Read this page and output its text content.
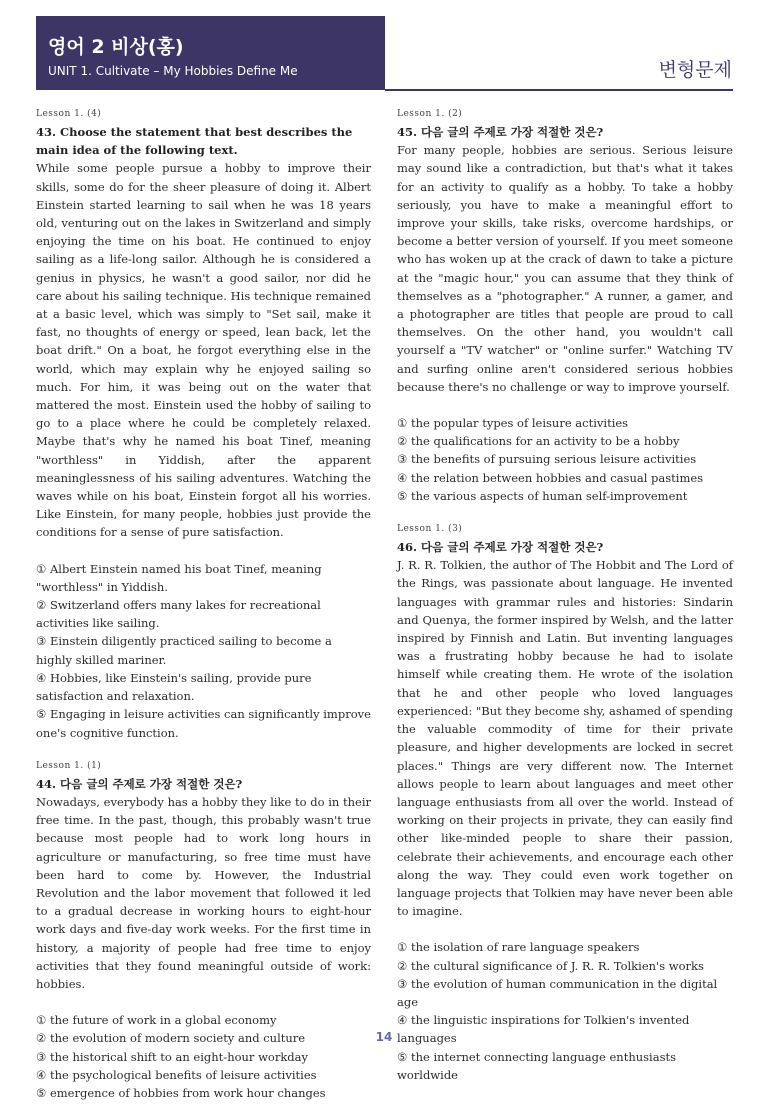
영어 2 비상(홍)
UNIT 1. Cultivate – My Hobbies Define Me	변형문제
Lesson 1. (4)
43. Choose the statement that best describes the main idea of the following text.
While some people pursue a hobby to improve their skills, some do for the sheer pleasure of doing it. Albert Einstein started learning to sail when he was 18 years old, venturing out on the lakes in Switzerland and simply enjoying the time on his boat. He continued to enjoy sailing as a life-long sailor. Although he is considered a genius in physics, he wasn't a good sailor, nor did he care about his sailing technique. His technique remained at a basic level, which was simply to "Set sail, make it fast, no thoughts of energy or speed, lean back, let the boat drift." On a boat, he forgot everything else in the world, which may explain why he enjoyed sailing so much. For him, it was being out on the water that mattered the most. Einstein used the hobby of sailing to go to a place where he could be completely relaxed. Maybe that's why he named his boat Tinef, meaning "worthless" in Yiddish, after the apparent meaninglessness of his sailing adventures. Watching the waves while on his boat, Einstein forgot all his worries. Like Einstein, for many people, hobbies just provide the conditions for a sense of pure satisfaction.
① Albert Einstein named his boat Tinef, meaning "worthless" in Yiddish.
② Switzerland offers many lakes for recreational activities like sailing.
③ Einstein diligently practiced sailing to become a highly skilled mariner.
④ Hobbies, like Einstein's sailing, provide pure satisfaction and relaxation.
⑤ Engaging in leisure activities can significantly improve one's cognitive function.
Lesson 1. (1)
44. 다음 글의 주제로 가장 적절한 것은?
Nowadays, everybody has a hobby they like to do in their free time. In the past, though, this probably wasn't true because most people had to work long hours in agriculture or manufacturing, so free time must have been hard to come by. However, the Industrial Revolution and the labor movement that followed it led to a gradual decrease in working hours to eight-hour work days and five-day work weeks. For the first time in history, a majority of people had free time to enjoy activities that they found meaningful outside of work: hobbies.
① the future of work in a global economy
② the evolution of modern society and culture
③ the historical shift to an eight-hour workday
④ the psychological benefits of leisure activities
⑤ emergence of hobbies from work hour changes
Lesson 1. (2)
45. 다음 글의 주제로 가장 적절한 것은?
For many people, hobbies are serious. Serious leisure may sound like a contradiction, but that's what it takes for an activity to qualify as a hobby. To take a hobby seriously, you have to make a meaningful effort to improve your skills, take risks, overcome hardships, or become a better version of yourself. If you meet someone who has woken up at the crack of dawn to take a picture at the "magic hour," you can assume that they think of themselves as a "photographer." A runner, a gamer, and a photographer are titles that people are proud to call themselves. On the other hand, you wouldn't call yourself a "TV watcher" or "online surfer." Watching TV and surfing online aren't considered serious hobbies because there's no challenge or way to improve yourself.
① the popular types of leisure activities
② the qualifications for an activity to be a hobby
③ the benefits of pursuing serious leisure activities
④ the relation between hobbies and casual pastimes
⑤ the various aspects of human self-improvement
Lesson 1. (3)
46. 다음 글의 주제로 가장 적절한 것은?
J. R. R. Tolkien, the author of The Hobbit and The Lord of the Rings, was passionate about language. He invented languages with grammar rules and histories: Sindarin and Quenya, the former inspired by Welsh, and the latter inspired by Finnish and Latin. But inventing languages was a frustrating hobby because he had to isolate himself while creating them. He wrote of the isolation that he and other people who loved languages experienced: "But they become shy, ashamed of spending the valuable commodity of time for their private pleasure, and higher developments are locked in secret places." Things are very different now. The Internet allows people to learn about languages and meet other language enthusiasts from all over the world. Instead of working on their projects in private, they can easily find other like-minded people to share their passion, celebrate their achievements, and encourage each other along the way. They could even work together on language projects that Tolkien may have never been able to imagine.
① the isolation of rare language speakers
② the cultural significance of J. R. R. Tolkien's works
③ the evolution of human communication in the digital age
④ the linguistic inspirations for Tolkien's invented languages
⑤ the internet connecting language enthusiasts worldwide
14
